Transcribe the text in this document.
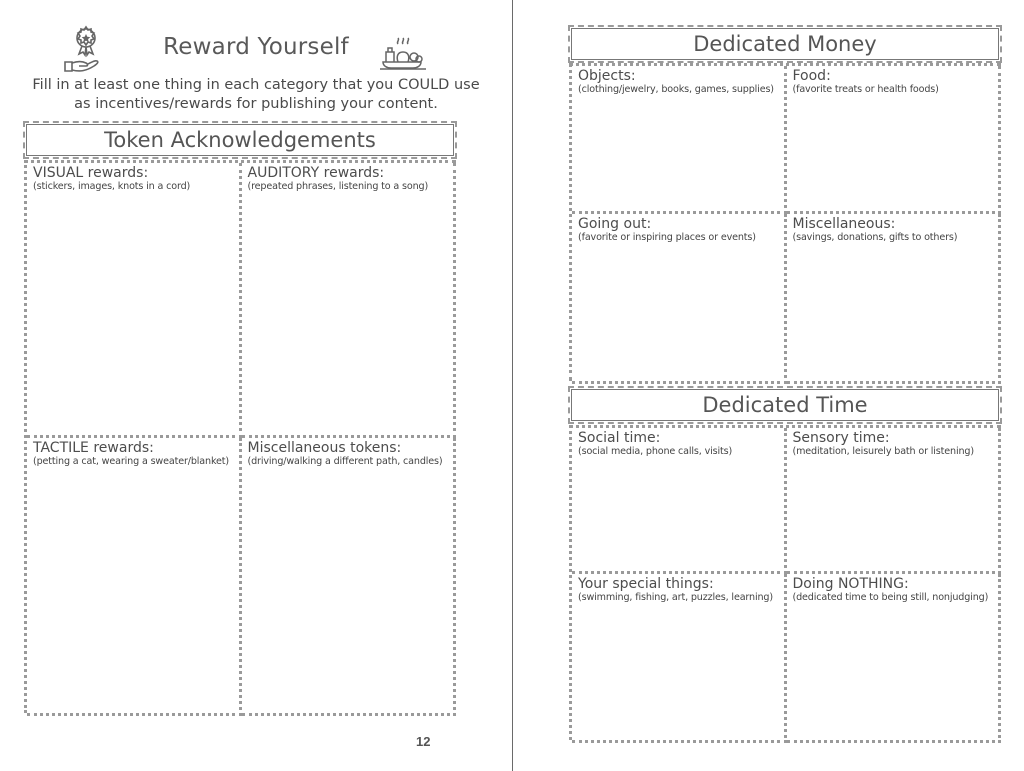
Reward Yourself
Fill in at least one thing in each category that you COULD use as incentives/rewards for publishing your content.
Token Acknowledgements
VISUAL rewards:
(stickers, images, knots in a cord)
AUDITORY rewards:
(repeated phrases, listening to a song)
TACTILE rewards:
(petting a cat, wearing a sweater/blanket)
Miscellaneous tokens:
(driving/walking a different path, candles)
12
Dedicated Money
Objects:
(clothing/jewelry, books, games, supplies)
Food:
(favorite treats or health foods)
Going out:
(favorite or inspiring places or events)
Miscellaneous:
(savings, donations, gifts to others)
Dedicated Time
Social time:
(social media, phone calls, visits)
Sensory time:
(meditation, leisurely bath or listening)
Your special things:
(swimming, fishing, art, puzzles, learning)
Doing NOTHING:
(dedicated time to being still, nonjudging)
